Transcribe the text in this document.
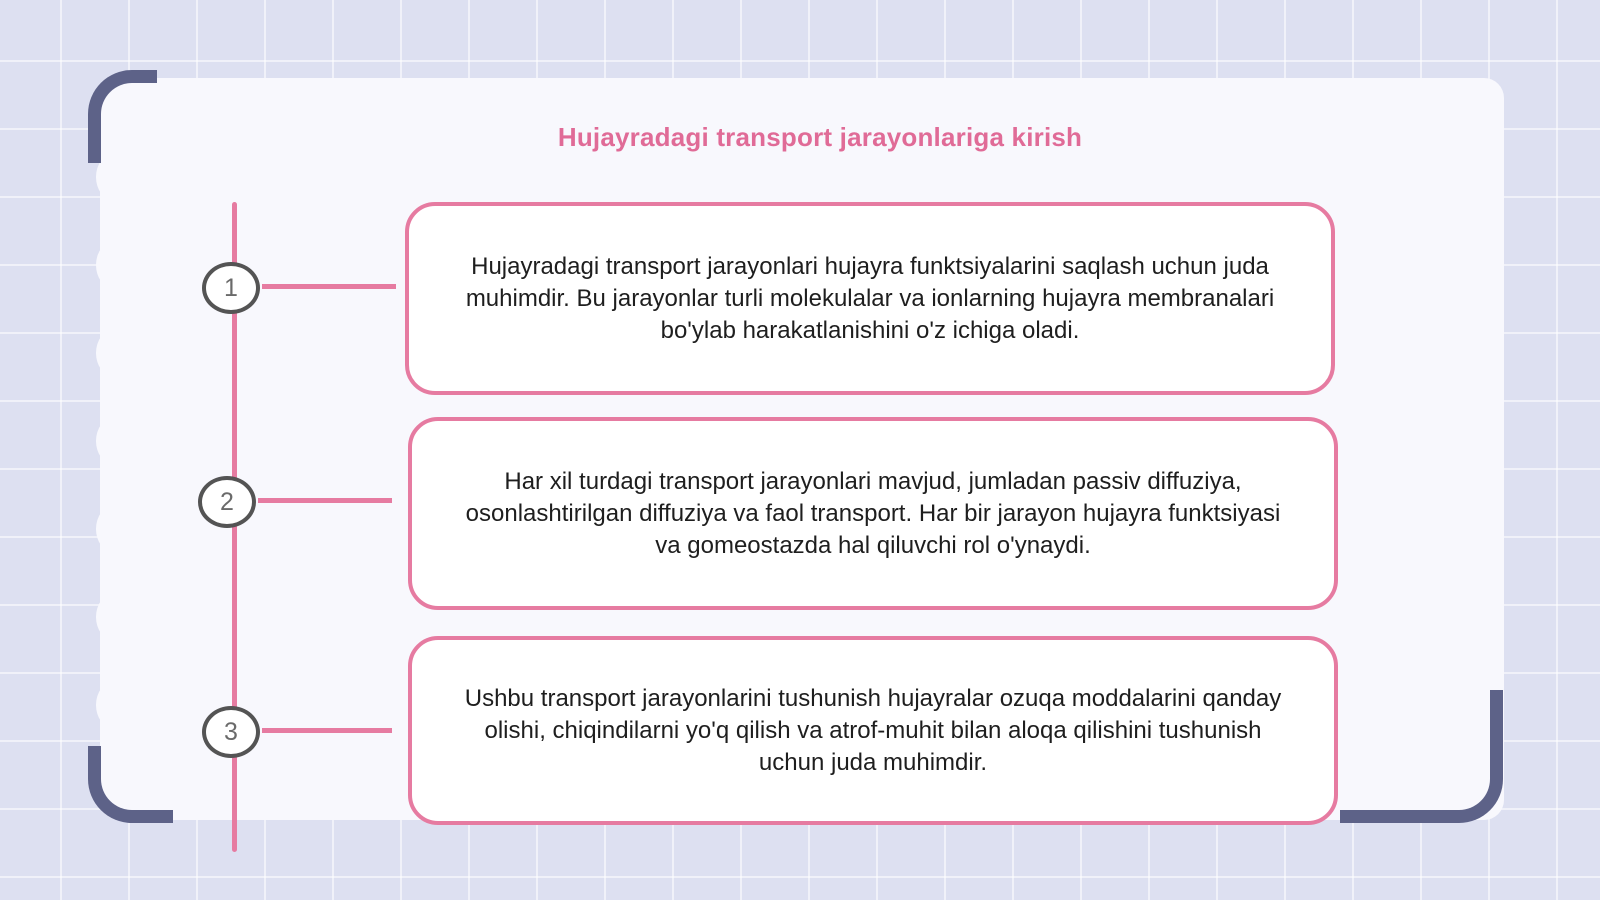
Hujayradagi transport jarayonlariga kirish
1

Hujayradagi transport jarayonlari hujayra funktsiyalarini saqlash uchun juda muhimdir. Bu jarayonlar turli molekulalar va ionlarning hujayra membranalari bo'ylab harakatlanishini o'z ichiga oladi.

2

Har xil turdagi transport jarayonlari mavjud, jumladan passiv diffuziya, osonlashtirilgan diffuziya va faol transport. Har bir jarayon hujayra funktsiyasi va gomeostazda hal qiluvchi rol o'ynaydi.

3

Ushbu transport jarayonlarini tushunish hujayralar ozuqa moddalarini qanday olishi, chiqindilarni yo'q qilish va atrof-muhit bilan aloqa qilishini tushunish uchun juda muhimdir.
